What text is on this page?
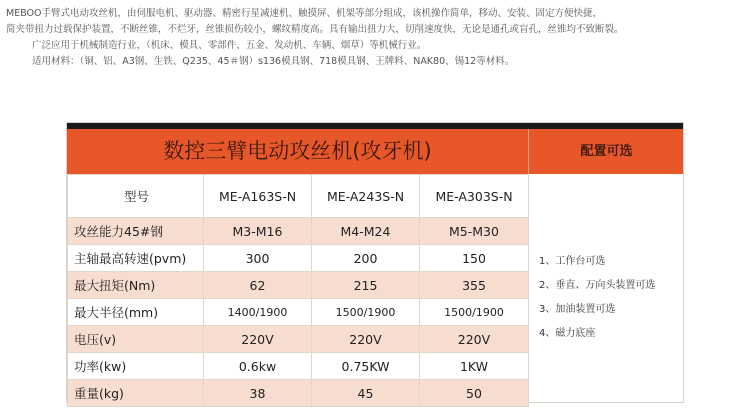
MEBOO手臂式电动攻丝机，由伺服电机、驱动器、精密行星减速机、触摸屏、机架等部分组成，该机操作简单，移动、安装、固定方便快捷，

简夹带扭力过载保护装置，不断丝锥，不烂牙，丝锥损伤较小，螺纹精度高。具有输出扭力大，切削速度快，无论是通孔或盲孔，丝锥均不致断裂。

广泛应用于机械制造行业，（机床、模具、零部件、五金、发动机、车辆、烟草）等机械行业。

适用材料：（铜、铝、A3钢、生铁、Q235、45＃钢）s136模具钢、718模具钢、王牌料、NAK80、锡12等材料。

数控三臂电动攻丝机(攻牙机)	配置可选
型号	ME-A163S-N	ME-A243S-N	ME-A303S-N
攻丝能力45#钢	M3-M16	M4-M24	M5-M30
主轴最高转速(pvm)	300	200	150
最大扭矩(Nm)	62	215	355
最大半径(mm)	1400/1900	1500/1900	1500/1900
电压(v)	220V	220V	220V
功率(kw)	0.6kw	0.75KW	1KW
重量(kg)	38	45	50
1、工作台可选
2、垂直、万向头装置可选
3、加油装置可选
4、磁力底座
